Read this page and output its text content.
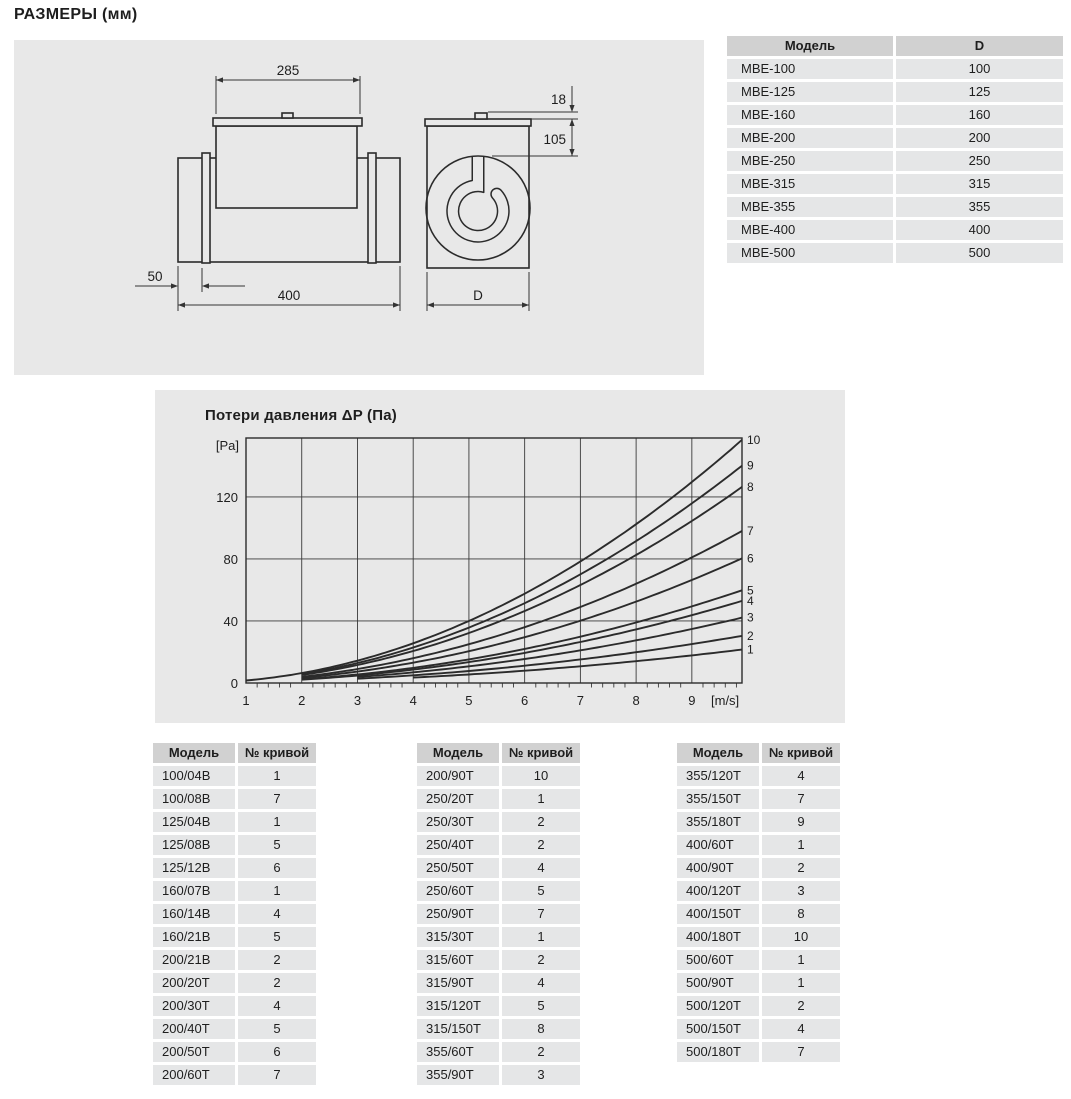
РАЗМЕРЫ (мм)
285
400
50
18
105
D
Модель	D
MBE-100	100
MBE-125	125
MBE-160	160
MBE-200	200
MBE-250	250
MBE-315	315
MBE-355	355
MBE-400	400
MBE-500	500
Потери давления ΔP (Па)
1	2	3	4	5	6	7	8	9 [m/s]
0
40
80
120
[Pa]
1
2
3
4
5
6
7
8
9
10
Модель	№ кривой
100/04B	1
100/08B	7
125/04B	1
125/08B	5
125/12B	6
160/07B	1
160/14B	4
160/21B	5
200/21B	2
200/20T	2
200/30T	4
200/40T	5
200/50T	6
200/60T	7
Модель	№ кривой
200/90T	10
250/20T	1
250/30T	2
250/40T	2
250/50T	4
250/60T	5
250/90T	7
315/30T	1
315/60T	2
315/90T	4
315/120T	5
315/150T	8
355/60T	2
355/90T	3
Модель	№ кривой
355/120T	4
355/150T	7
355/180T	9
400/60T	1
400/90T	2
400/120T	3
400/150T	8
400/180T	10
500/60T	1
500/90T	1
500/120T	2
500/150T	4
500/180T	7
